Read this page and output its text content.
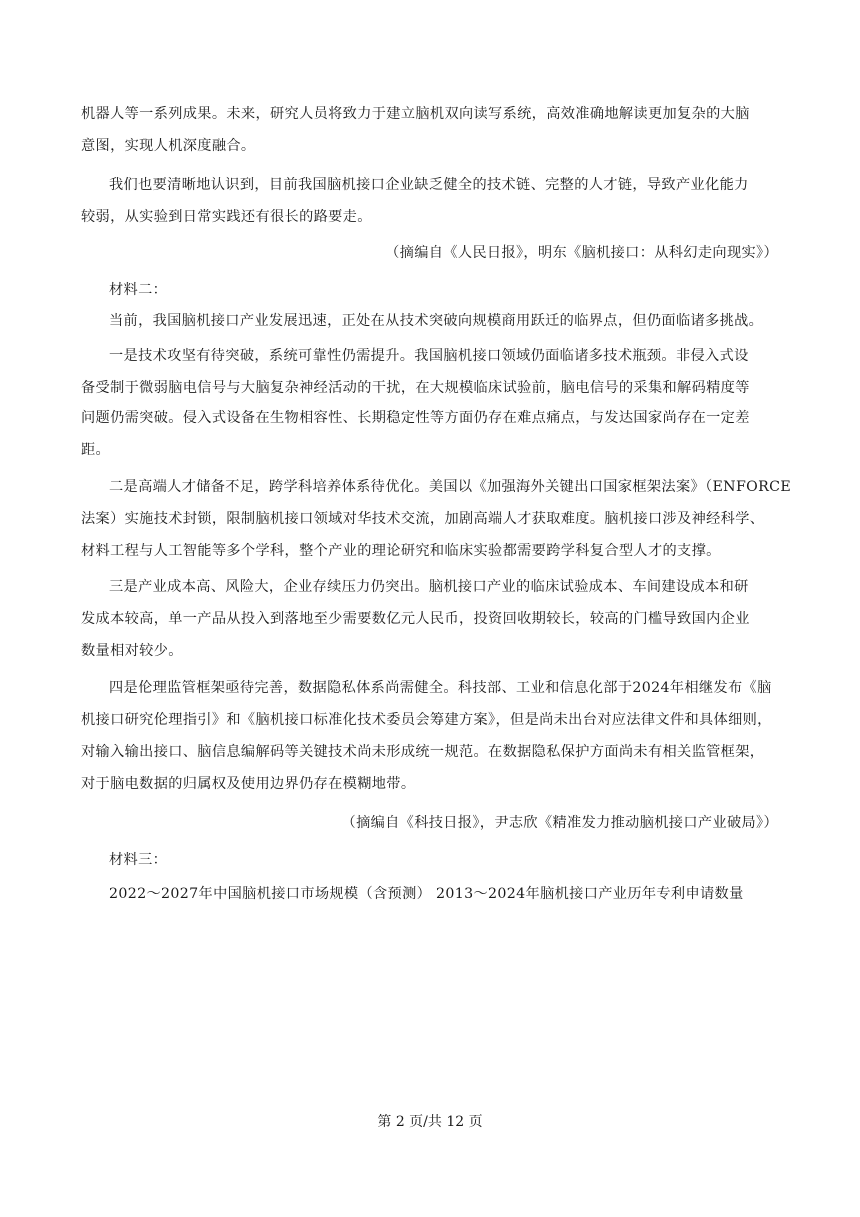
机器人等一系列成果。未来，研究人员将致力于建立脑机双向读写系统，高效准确地解读更加复杂的大脑
意图，实现人机深度融合。
我们也要清晰地认识到，目前我国脑机接口企业缺乏健全的技术链、完整的人才链，导致产业化能力
较弱，从实验到日常实践还有很长的路要走。
（摘编自《人民日报》，明东《脑机接口：从科幻走向现实》）
材料二：
当前，我国脑机接口产业发展迅速，正处在从技术突破向规模商用跃迁的临界点，但仍面临诸多挑战。
一是技术攻坚有待突破，系统可靠性仍需提升。我国脑机接口领域仍面临诸多技术瓶颈。非侵入式设
备受制于微弱脑电信号与大脑复杂神经活动的干扰，在大规模临床试验前，脑电信号的采集和解码精度等
问题仍需突破。侵入式设备在生物相容性、长期稳定性等方面仍存在难点痛点，与发达国家尚存在一定差
距。
二是高端人才储备不足，跨学科培养体系待优化。美国以《加强海外关键出口国家框架法案》（ENFORCE
法案）实施技术封锁，限制脑机接口领域对华技术交流，加剧高端人才获取难度。脑机接口涉及神经科学、
材料工程与人工智能等多个学科，整个产业的理论研究和临床实验都需要跨学科复合型人才的支撑。
三是产业成本高、风险大，企业存续压力仍突出。脑机接口产业的临床试验成本、车间建设成本和研
发成本较高，单一产品从投入到落地至少需要数亿元人民币，投资回收期较长，较高的门槛导致国内企业
数量相对较少。
四是伦理监管框架亟待完善，数据隐私体系尚需健全。科技部、工业和信息化部于2024年相继发布《脑
机接口研究伦理指引》和《脑机接口标准化技术委员会筹建方案》，但是尚未出台对应法律文件和具体细则，
对输入输出接口、脑信息编解码等关键技术尚未形成统一规范。在数据隐私保护方面尚未有相关监管框架，
对于脑电数据的归属权及使用边界仍存在模糊地带。
（摘编自《科技日报》，尹志欣《精准发力推动脑机接口产业破局》）
材料三：
2022～2027年中国脑机接口市场规模（含预测） 2013～2024年脑机接口产业历年专利申请数量
第 2 页/共 12 页
